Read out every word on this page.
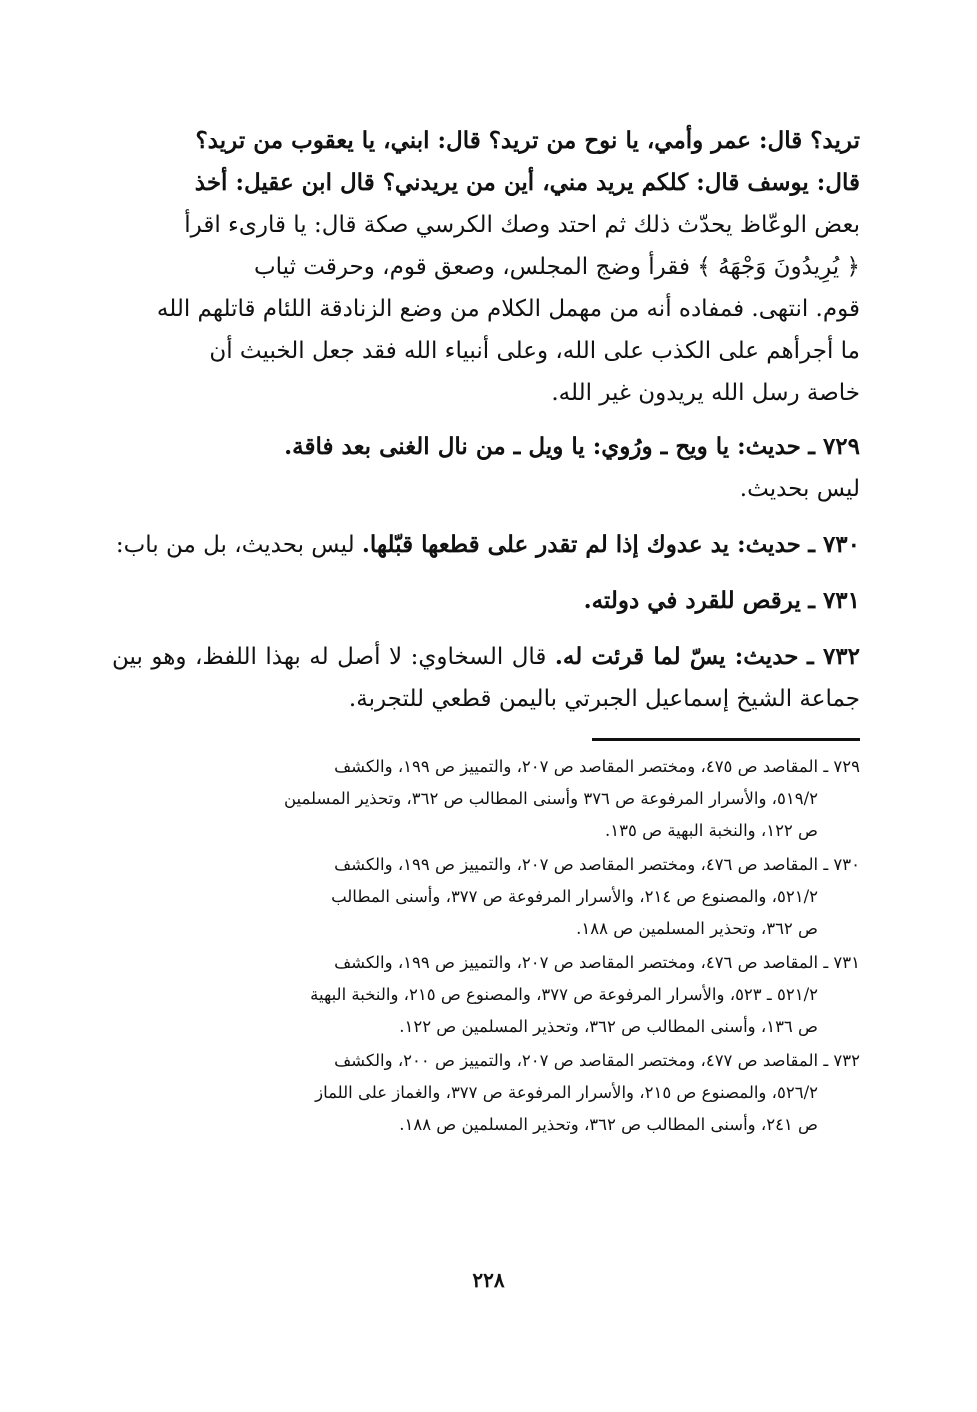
تريد؟ قال: عمر وأمي، يا نوح من تريد؟ قال: ابني، يا يعقوب من تريد؟
قال: يوسف قال: كلكم يريد مني، أين من يريدني؟ قال ابن عقيل: أخذ
بعض الوعّاظ يحدّث ذلك ثم احتد وصك الكرسي صكة قال: يا قارىء اقرأ
﴿ يُرِيدُونَ وَجْهَهُ ﴾ فقرأ وضج المجلس، وصعق قوم، وحرقت ثياب
قوم. انتهى. فمفاده أنه من مهمل الكلام من وضع الزنادقة اللئام قاتلهم الله
ما أجرأهم على الكذب على الله، وعلى أنبياء الله فقد جعل الخبيث أن
خاصة رسل الله يريدون غير الله.
٧٢٩ ـ حديث: يا ويح ـ ورُوي: يا ويل ـ من نال الغنى بعد فاقة.
ليس بحديث.
٧٣٠ ـ حديث: يد عدوك إذا لم تقدر على قطعها قبّلها. ليس بحديث، بل من باب:
٧٣١ ـ يرقص للقرد في دولته.
٧٣٢ ـ حديث: يسّ لما قرئت له. قال السخاوي: لا أصل له بهذا اللفظ، وهو بين جماعة الشيخ إسماعيل الجبرتي باليمن قطعي للتجربة.
٧٢٩ ـ المقاصد ص ٤٧٥، ومختصر المقاصد ص ٢٠٧، والتمييز ص ١٩٩، والكشف
٥١٩/٢، والأسرار المرفوعة ص ٣٧٦ وأسنى المطالب ص ٣٦٢، وتحذير المسلمين
ص ١٢٢، والنخبة البهية ص ١٣٥.
٧٣٠ ـ المقاصد ص ٤٧٦، ومختصر المقاصد ص ٢٠٧، والتمييز ص ١٩٩، والكشف
٥٢١/٢، والمصنوع ص ٢١٤، والأسرار المرفوعة ص ٣٧٧، وأسنى المطالب
ص ٣٦٢، وتحذير المسلمين ص ١٨٨.
٧٣١ ـ المقاصد ص ٤٧٦، ومختصر المقاصد ص ٢٠٧، والتمييز ص ١٩٩، والكشف
٥٢١/٢ ـ ٥٢٣، والأسرار المرفوعة ص ٣٧٧، والمصنوع ص ٢١٥، والنخبة البهية
ص ١٣٦، وأسنى المطالب ص ٣٦٢، وتحذير المسلمين ص ١٢٢.
٧٣٢ ـ المقاصد ص ٤٧٧، ومختصر المقاصد ص ٢٠٧، والتمييز ص ٢٠٠، والكشف
٥٢٦/٢، والمصنوع ص ٢١٥، والأسرار المرفوعة ص ٣٧٧، والغماز على اللماز
ص ٢٤١، وأسنى المطالب ص ٣٦٢، وتحذير المسلمين ص ١٨٨.
٢٢٨
